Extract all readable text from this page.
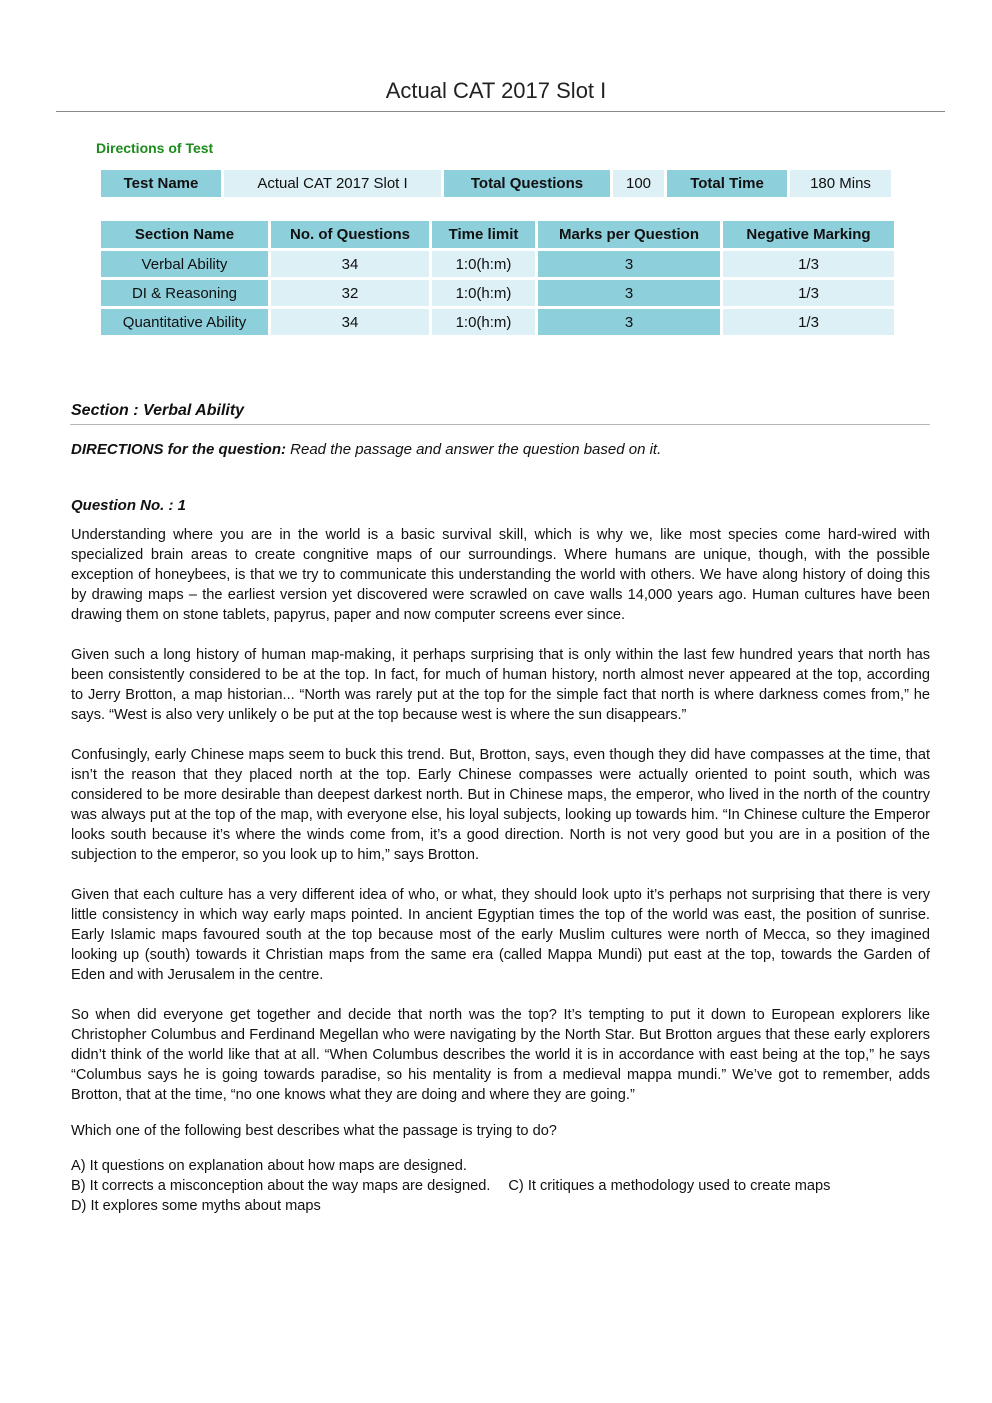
Actual CAT 2017 Slot I
Directions of Test
Test Name	Actual CAT 2017 Slot I	Total Questions	100	Total Time	180 Mins
Section Name	No. of Questions	Time limit	Marks per Question	Negative Marking
Verbal Ability	34	1:0(h:m)	3	1/3
DI & Reasoning	32	1:0(h:m)	3	1/3
Quantitative Ability	34	1:0(h:m)	3	1/3
Section : Verbal Ability
DIRECTIONS for the question: Read the passage and answer the question based on it.
Question No. : 1

Understanding where you are in the world is a basic survival skill, which is why we, like most species come hard-wired with specialized brain areas to create congnitive maps of our surroundings. Where humans are unique, though, with the possible exception of honeybees, is that we try to communicate this understanding the world with others. We have along history of doing this by drawing maps – the earliest version yet discovered were scrawled on cave walls 14,000 years ago. Human cultures have been drawing them on stone tablets, papyrus, paper and now computer screens ever since.

Given such a long history of human map-making, it perhaps surprising that is only within the last few hundred years that north has been consistently considered to be at the top. In fact, for much of human history, north almost never appeared at the top, according to Jerry Brotton, a map historian... “North was rarely put at the top for the simple fact that north is where darkness comes from,” he says. “West is also very unlikely o be put at the top because west is where the sun disappears.”

Confusingly, early Chinese maps seem to buck this trend. But, Brotton, says, even though they did have compasses at the time, that isn’t the reason that they placed north at the top. Early Chinese compasses were actually oriented to point south, which was considered to be more desirable than deepest darkest north. But in Chinese maps, the emperor, who lived in the north of the country was always put at the top of the map, with everyone else, his loyal subjects, looking up towards him. “In Chinese culture the Emperor looks south because it’s where the winds come from, it’s a good direction. North is not very good but you are in a position of the subjection to the emperor, so you look up to him,” says Brotton.

Given that each culture has a very different idea of who, or what, they should look upto it’s perhaps not surprising that there is very little consistency in which way early maps pointed. In ancient Egyptian times the top of the world was east, the position of sunrise. Early Islamic maps favoured south at the top because most of the early Muslim cultures were north of Mecca, so they imagined looking up (south) towards it Christian maps from the same era (called Mappa Mundi) put east at the top, towards the Garden of Eden and with Jerusalem in the centre.

So when did everyone get together and decide that north was the top? It’s tempting to put it down to European explorers like Christopher Columbus and Ferdinand Megellan who were navigating by the North Star. But Brotton argues that these early explorers didn’t think of the world like that at all. “When Columbus describes the world it is in accordance with east being at the top,” he says “Columbus says he is going towards paradise, so his mentality is from a medieval mappa mundi.” We’ve got to remember, adds Brotton, that at the time, “no one knows what they are doing and where they are going.”

Which one of the following best describes what the passage is trying to do?
A) It questions on explanation about how maps are designed.
B) It corrects a misconception about the way maps are designed. C) It critiques a methodology used to create maps
D) It explores some myths about maps
